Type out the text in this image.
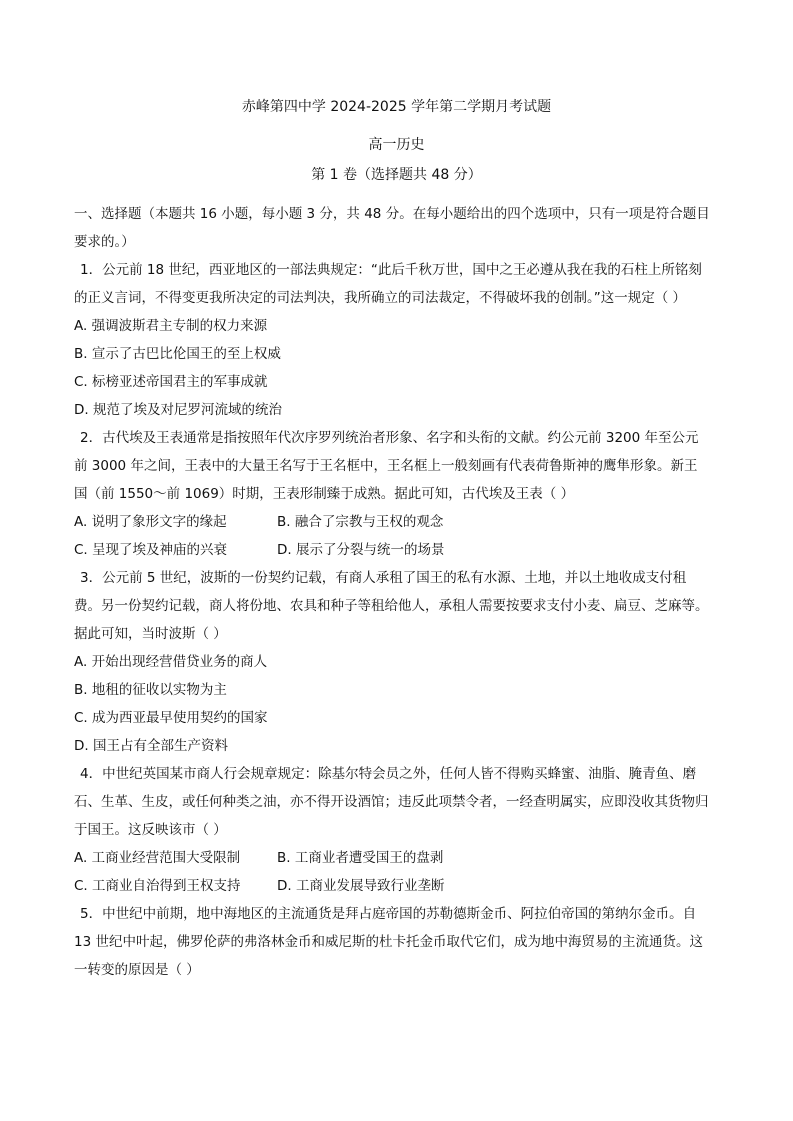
赤峰第四中学 2024-2025 学年第二学期月考试题
高一历史
第 1 卷（选择题共 48 分）

一、选择题（本题共 16 小题，每小题 3 分，共 48 分。在每小题给出的四个选项中，只有一项是符合题目要求的。）

1．公元前 18 世纪，西亚地区的一部法典规定：“此后千秋万世，国中之王必遵从我在我的石柱上所铭刻的正义言词，不得变更我所决定的司法判决，我所确立的司法裁定，不得破坏我的创制。”这一规定（ ）

A. 强调波斯君主专制的权力来源

B. 宣示了古巴比伦国王的至上权威

C. 标榜亚述帝国君主的军事成就

D. 规范了埃及对尼罗河流域的统治

2．古代埃及王表通常是指按照年代次序罗列统治者形象、名字和头衔的文献。约公元前 3200 年至公元前 3000 年之间，王表中的大量王名写于王名框中，王名框上一般刻画有代表荷鲁斯神的鹰隼形象。新王国（前 1550～前 1069）时期，王表形制臻于成熟。据此可知，古代埃及王表（ ）

A. 说明了象形文字的缘起	B. 融合了宗教与王权的观念
C. 呈现了埃及神庙的兴衰	D. 展示了分裂与统一的场景

3．公元前 5 世纪，波斯的一份契约记载，有商人承租了国王的私有水源、土地，并以土地收成支付租费。另一份契约记载，商人将份地、农具和种子等租给他人，承租人需要按要求支付小麦、扁豆、芝麻等。据此可知，当时波斯（ ）

A. 开始出现经营借贷业务的商人

B. 地租的征收以实物为主

C. 成为西亚最早使用契约的国家

D. 国王占有全部生产资料

4．中世纪英国某市商人行会规章规定：除基尔特会员之外，任何人皆不得购买蜂蜜、油脂、腌青鱼、磨石、生革、生皮，或任何种类之油，亦不得开设酒馆；违反此项禁令者，一经查明属实，应即没收其货物归于国王。这反映该市（ ）

A. 工商业经营范围大受限制	B. 工商业者遭受国王的盘剥
C. 工商业自治得到王权支持	D. 工商业发展导致行业垄断

5．中世纪中前期，地中海地区的主流通货是拜占庭帝国的苏勒德斯金币、阿拉伯帝国的第纳尔金币。自 13 世纪中叶起，佛罗伦萨的弗洛林金币和威尼斯的杜卡托金币取代它们，成为地中海贸易的主流通货。这一转变的原因是（ ）
